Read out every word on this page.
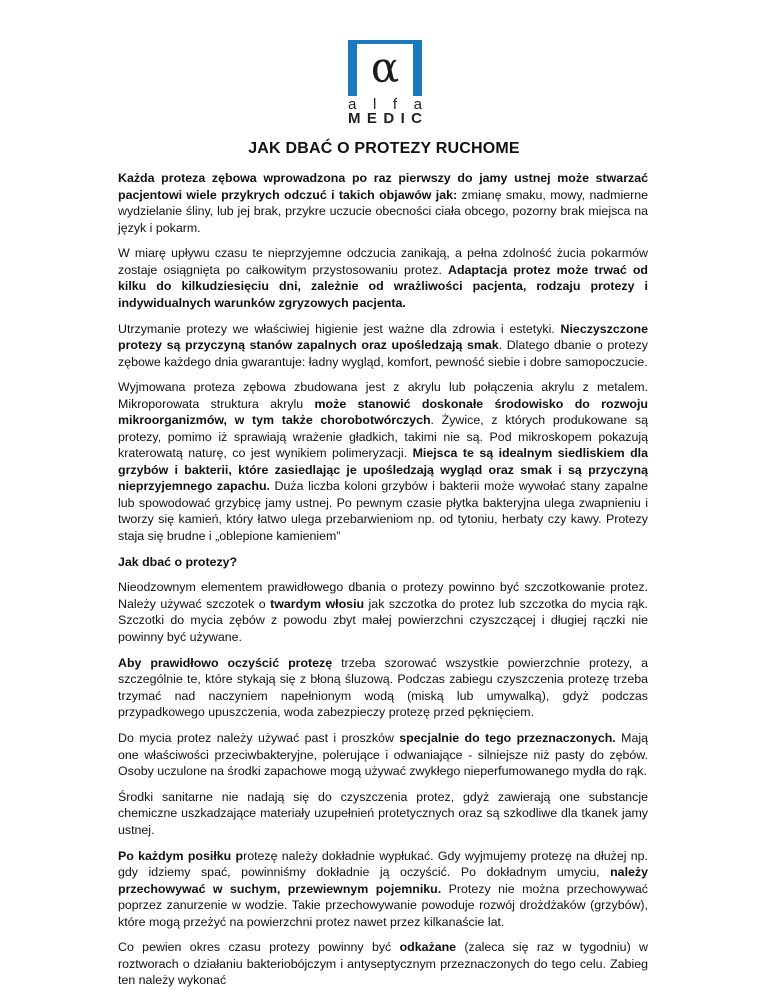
α
a l f a
M E D I C
JAK DBAĆ O PROTEZY RUCHOME

Każda proteza zębowa wprowadzona po raz pierwszy do jamy ustnej może stwarzać pacjentowi wiele przykrych odczuć i takich objawów jak: zmianę smaku, mowy, nadmierne wydzielanie śliny, lub jej brak, przykre uczucie obecności ciała obcego, pozorny brak miejsca na język i pokarm.

W miarę upływu czasu te nieprzyjemne odczucia zanikają, a pełna zdolność żucia pokarmów zostaje osiągnięta po całkowitym przystosowaniu protez. Adaptacja protez może trwać od kilku do kilkudziesięciu dni, zależnie od wrażliwości pacjenta, rodzaju protezy i indywidualnych warunków zgryzowych pacjenta.

Utrzymanie protezy we właściwiej higienie jest ważne dla zdrowia i estetyki. Nieczyszczone protezy są przyczyną stanów zapalnych oraz upośledzają smak. Dlatego dbanie o protezy zębowe każdego dnia gwarantuje: ładny wygląd, komfort, pewność siebie i dobre samopoczucie.

Wyjmowana proteza zębowa zbudowana jest z akrylu lub połączenia akrylu z metalem. Mikroporowata struktura akrylu może stanowić doskonałe środowisko do rozwoju mikroorganizmów, w tym także chorobotwórczych. Żywice, z których produkowane są protezy, pomimo iż sprawiają wrażenie gładkich, takimi nie są. Pod mikroskopem pokazują kraterowatą naturę, co jest wynikiem polimeryzacji. Miejsca te są idealnym siedliskiem dla grzybów i bakterii, które zasiedlając je upośledzają wygląd oraz smak i są przyczyną nieprzyjemnego zapachu. Duża liczba koloni grzybów i bakterii może wywołać stany zapalne lub spowodować grzybicę jamy ustnej. Po pewnym czasie płytka bakteryjna ulega zwapnieniu i tworzy się kamień, który łatwo ulega przebarwieniom np. od tytoniu, herbaty czy kawy. Protezy staja się brudne i „oblepione kamieniem”

Jak dbać o protezy?

Nieodzownym elementem prawidłowego dbania o protezy powinno być szczotkowanie protez. Należy używać szczotek o twardym włosiu jak szczotka do protez lub szczotka do mycia rąk. Szczotki do mycia zębów z powodu zbyt małej powierzchni czyszczącej i długiej rączki nie powinny być używane.

Aby prawidłowo oczyścić protezę trzeba szorować wszystkie powierzchnie protezy, a szczególnie te, które stykają się z błoną śluzową. Podczas zabiegu czyszczenia protezę trzeba trzymać nad naczyniem napełnionym wodą (miską lub umywalką), gdyż podczas przypadkowego upuszczenia, woda zabezpieczy protezę przed pęknięciem.

Do mycia protez należy używać past i proszków specjalnie do tego przeznaczonych. Mają one właściwości przeciwbakteryjne, polerujące i odwaniające - silniejsze niż pasty do zębów. Osoby uczulone na środki zapachowe mogą używać zwykłego nieperfumowanego mydła do rąk.

Środki sanitarne nie nadają się do czyszczenia protez, gdyż zawierają one substancje chemiczne uszkadzające materiały uzupełnień protetycznych oraz są szkodliwe dla tkanek jamy ustnej.

Po każdym posiłku protezę należy dokładnie wypłukać. Gdy wyjmujemy protezę na dłużej np. gdy idziemy spać, powinniśmy dokładnie ją oczyścić. Po dokładnym umyciu, należy przechowywać w suchym, przewiewnym pojemniku. Protezy nie można przechowywać poprzez zanurzenie w wodzie. Takie przechowywanie powoduje rozwój drożdżaków (grzybów), które mogą przeżyć na powierzchni protez nawet przez kilkanaście lat.

Co pewien okres czasu protezy powinny być odkażane (zaleca się raz w tygodniu) w roztworach o działaniu bakteriobójczym i antyseptycznym przeznaczonych do tego celu. Zabieg ten należy wykonać
